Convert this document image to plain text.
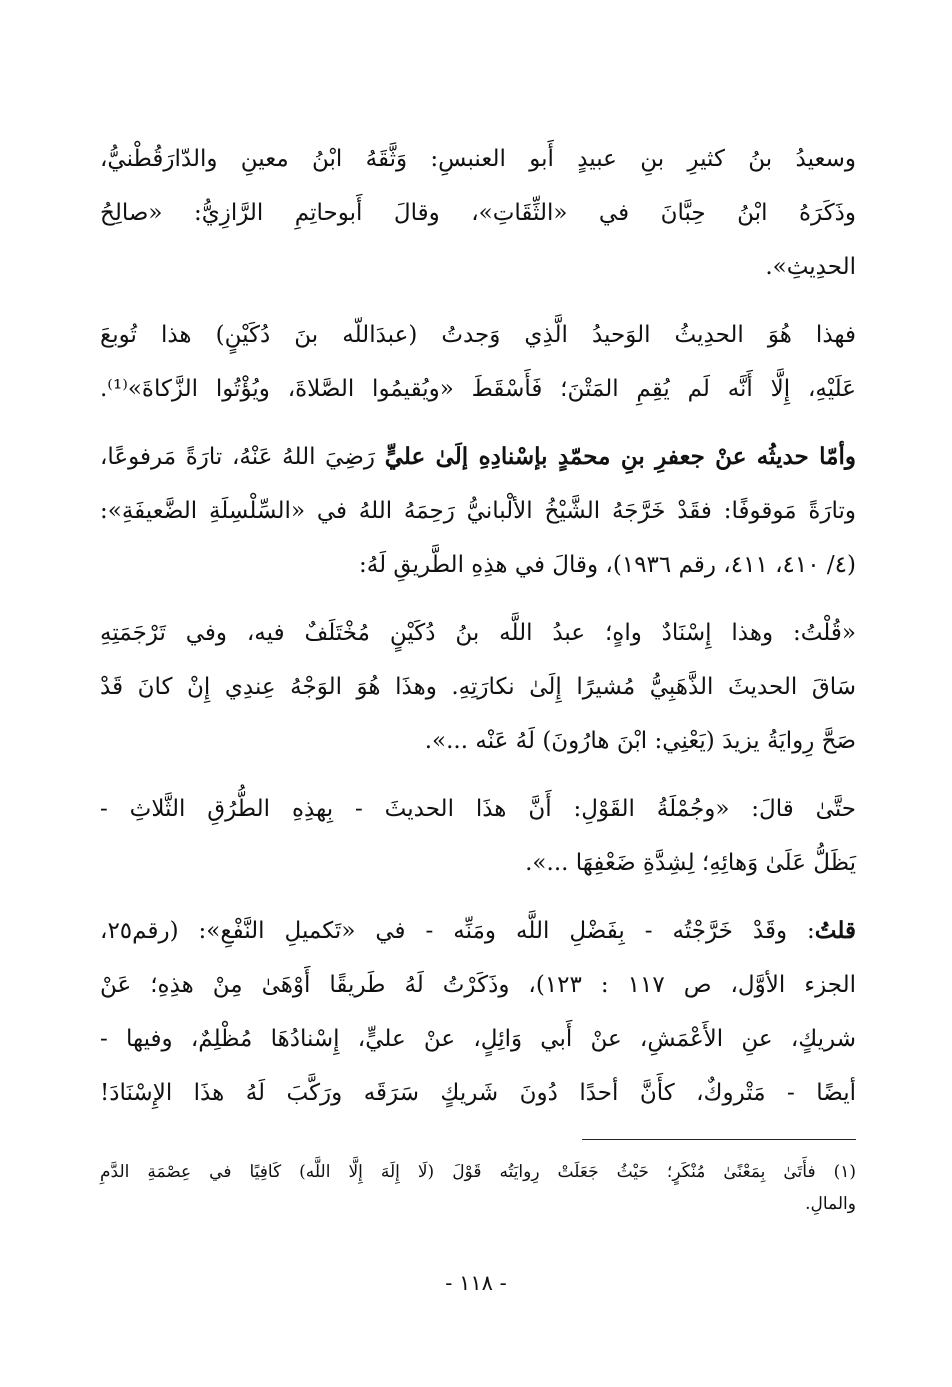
وسعيدُ بنُ كثيرِ بنِ عبيدٍ أَبو العنبسِ: وَثَّقَهُ ابْنُ معينِ والدّارَقُطْنيُّ،
وذَكَرَهُ ابْنُ حِبَّانَ في «الثِّقَاتِ»، وقالَ أَبوحاتِمِ الرَّازِيُّ: «صالِحُ
الحدِيثِ».

فهذا هُوَ الحدِيثُ الوَحيدُ الَّذِي وَجدتُ (عبدَاللّه بنَ دُكَيْنٍ) هذا تُوبعَ
عَلَيْهِ، إِلَّا أَنَّه لَم يُقِمِ المَتْنَ؛ فَأَسْقَطَ «ويُقيمُوا الصَّلاةَ، ويُؤْتُوا الزَّكاةَ»⁽¹⁾.

وأمّا حديثُه عنْ جعفرِ بنِ محمّدٍ بإسْنادِهِ إلَىٰ عليٍّ رَضِيَ اللهُ عَنْهُ، تارَةً مَرفوعًا،
وتارَةً مَوقوفًا: فقَدْ خَرَّجَهُ الشَّيْخُ الألْبانيُّ رَحِمَهُ اللهُ في «السِّلْسِلَةِ الضَّعيفَةِ»:
(٤/ ٤١٠، ٤١١، رقم ١٩٣٦)، وقالَ في هذِهِ الطَّريقِ لَهُ:

«قُلْتُ: وهذا إِسْنَادٌ واهٍ؛ عبدُ اللَّه بنُ دُكَيْنٍ مُخْتَلَفٌ فيه، وفي تَرْجَمَتِهِ
سَاقَ الحديثَ الذَّهَبِيُّ مُشيرًا إِلَىٰ نكارَتِهِ. وهذَا هُوَ الوَجْهُ عِندِي إِنْ كانَ قَدْ
صَحَّ رِوايَةُ يزيدَ (يَعْنِي: ابْنَ هارُونَ) لَهُ عَنْه ...».

حتَّىٰ قالَ: «وجُمْلَةُ القَوْلِ: أَنَّ هذَا الحديثَ - بِهذِهِ الطُّرُقِ الثَّلاثِ -
يَظَلُّ عَلَىٰ وَهائِهِ؛ لِشِدَّةِ ضَعْفِهَا ...».

قلتُ: وقَدْ خَرَّجْتُه - بِفَضْلِ اللَّه ومَنِّه - في «تَكميلِ النَّفْعِ»: (رقم٢٥،
الجزء الأوَّل، ص ١١٧ : ١٢٣)، وذَكَرْتُ لَهُ طَريقًا أَوْهَىٰ مِنْ هذِهِ؛ عَنْ
شريكٍ، عنِ الأَعْمَشِ، عنْ أَبي وَائِلٍ، عنْ عليٍّ، إِسْنادُهَا مُظْلِمٌ، وفيها -
أيضًا - مَتْروكٌ، كأَنَّ أحدًا دُونَ شَريكٍ سَرَقَه ورَكَّبَ لَهُ هذَا الإِسْنَادَ!

(١) فأَتَىٰ بِمَعْنًىٰ مُنْكَرٍ؛ حَيْثُ جَعَلَتْ رِوايَتُه قَوْلَ (لَا إِلَهَ إِلَّا اللَّه) كَافِيًا في عِصْمَةِ الدَّمِ
والمالِ.
- ١١٨ -
